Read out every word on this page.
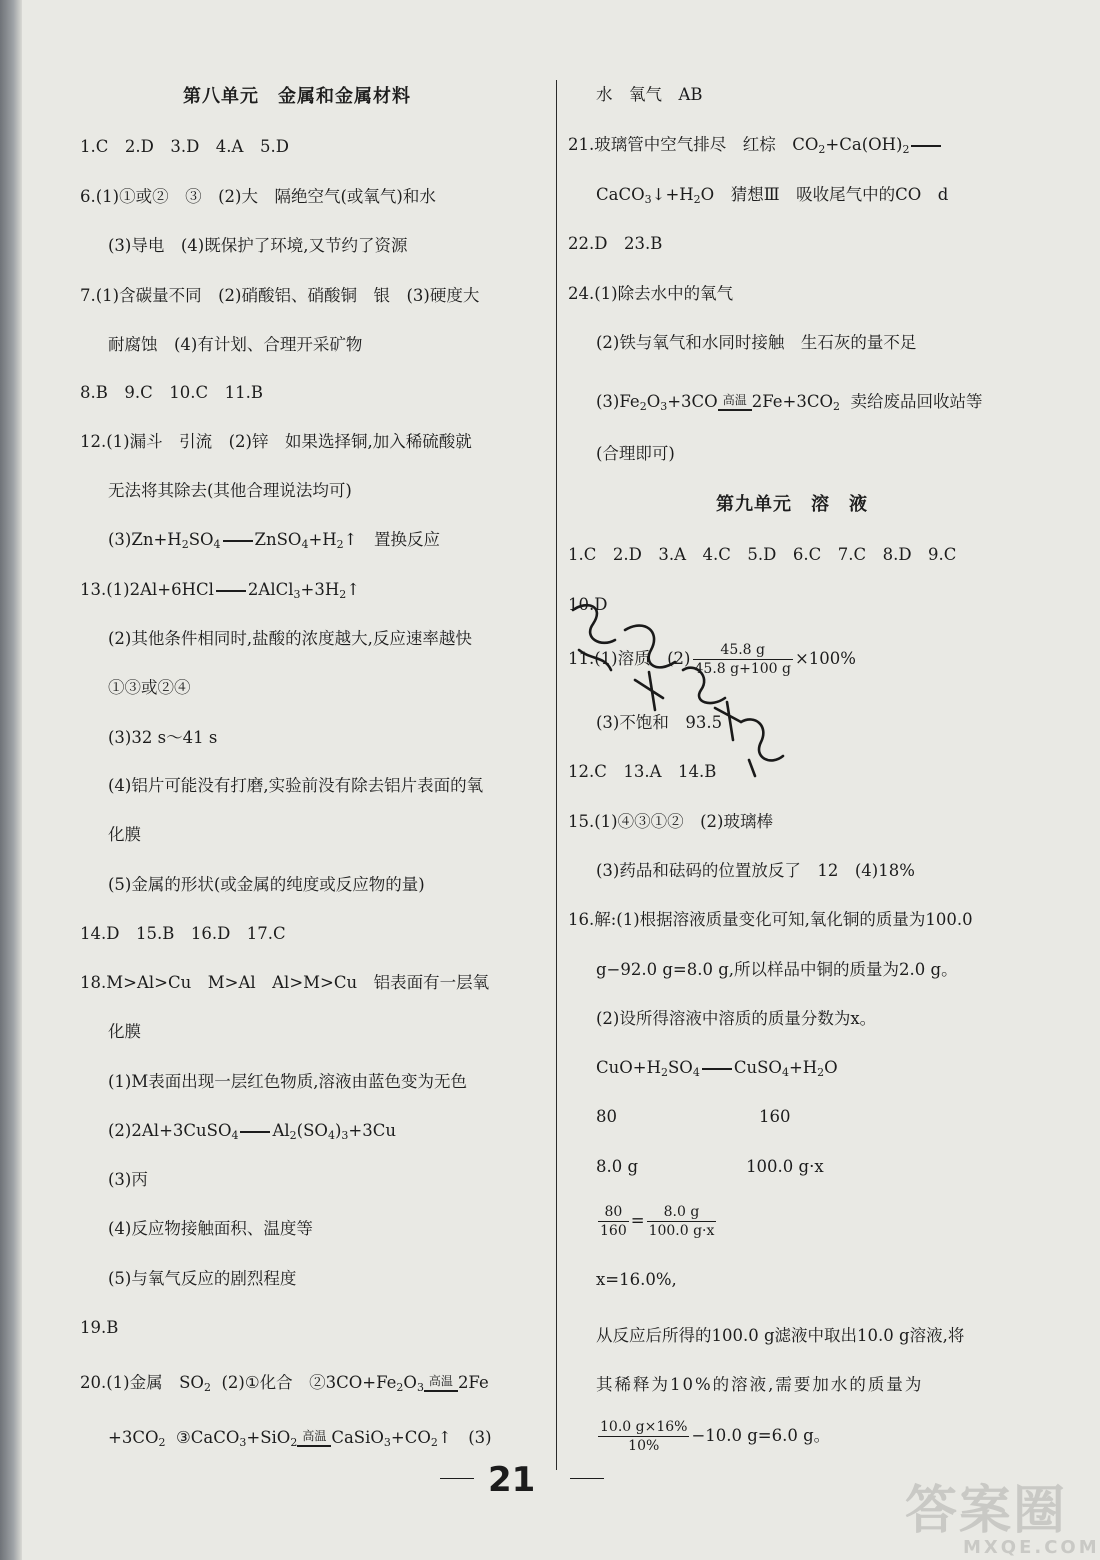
第八单元　金属和金属材料
1.C　2.D　3.D　4.A　5.D
6.(1)①或②　③　(2)大　隔绝空气(或氧气)和水
(3)导电　(4)既保护了环境,又节约了资源
7.(1)含碳量不同　(2)硝酸铝、硝酸铜　银　(3)硬度大
耐腐蚀　(4)有计划、合理开采矿物
8.B　9.C　10.C　11.B
12.(1)漏斗　引流　(2)锌　如果选择铜,加入稀硫酸就
无法将其除去(其他合理说法均可)
$(3)Zn+H_2SO_4$ $ZnSO_4+H_2↑$　置换反应
13.(1)2Al+6HCl $2AlCl_3+3H_2↑$
(2)其他条件相同时,盐酸的浓度越大,反应速率越快
①③或②④
(3)32 s～41 s
(4)铝片可能没有打磨,实验前没有除去铝片表面的氧
化膜
(5)金属的形状(或金属的纯度或反应物的量)
14.D　15.B　16.D　17.C
18.M>Al>Cu　M>Al　Al>M>Cu　铝表面有一层氧
化膜
(1)M表面出现一层红色物质,溶液由蓝色变为无色
(2)2Al+3CuSO$_4$ $Al_2(SO_4)_3+3Cu$
(3)丙
(4)反应物接触面积、温度等
(5)与氧气反应的剧烈程度
19.B
20.(1)金属　$SO_2$ (2)①化合　$②3CO+Fe_2O_3$ 高温 2Fe
$+3CO_2$ ③CaCO$_3$+SiO$_2$ 高温 $CaSiO_3+CO_2↑$　(3)
水　氧气　AB
21.玻璃管中空气排尽　红棕　$CO_2+Ca(OH)_2$
$CaCO_3↓+H_2O$　猜想Ⅲ　吸收尾气中的CO　d
22.D　23.B
24.(1)除去水中的氧气
(2)铁与氧气和水同时接触　生石灰的量不足
$(3)Fe_2O_3+3CO$ 高温 $2Fe+3CO_2$ 卖给废品回收站等
(合理即可)
第九单元　溶　液
1.C　2.D　3.A　4.C　5.D　6.C　7.C　8.D　9.C
10.D
11.(1)溶质　$(2) \frac{45.8 g}{45.8 g+100 g} \times 100\%$
(3)不饱和　93.5
12.C　13.A　14.B
15.(1)④③①②　(2)玻璃棒
(3)药品和砝码的位置放反了　12　(4)18%
16.解:(1)根据溶液质量变化可知,氧化铜的质量为100.0
g−92.0 g=8.0 g,所以样品中铜的质量为2.0 g。
(2)设所得溶液中溶质的质量分数为x。
$CuO+H_2SO_4$ $CuSO_4+H_2O$
80	160
8.0 g	100.0 g·x
$\frac{80}{160} = \frac{8.0 g}{100.0 g\cdot x}$
x=16.0%,
从反应后所得的100.0 g滤液中取出10.0 g溶液,将
其稀释为10%的溶液,需要加水的质量为
$\frac{10.0 g\times 16\%}{10\%} -10.0$ g=6.0 g。
21
答案圈
MXQE.COM
